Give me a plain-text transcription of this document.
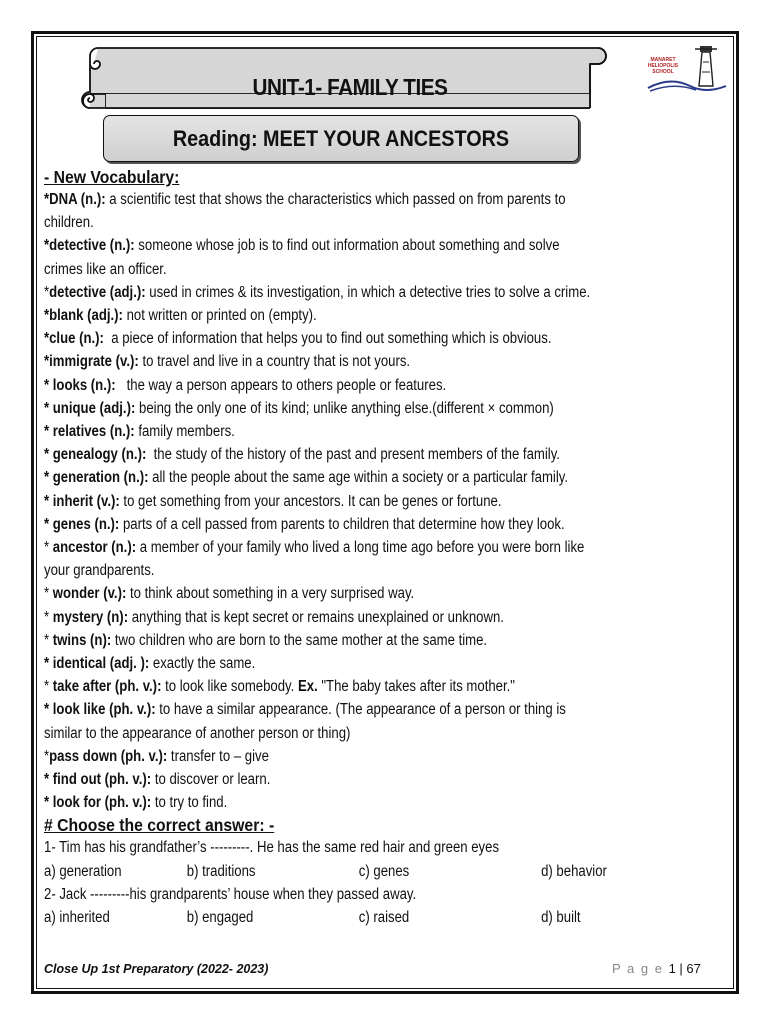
UNIT-1- FAMILY TIES
MANARET
HELIOPOLIS
SCHOOL
Reading: MEET YOUR ANCESTORS
- New Vocabulary:
*DNA (n.): a scientific test that shows the characteristics which passed on from parents to
children.
*detective (n.): someone whose job is to find out information about something and solve
crimes like an officer.
*detective (adj.): used in crimes & its investigation, in which a detective tries to solve a crime.
*blank (adj.): not written or printed on (empty).
*clue (n.):  a piece of information that helps you to find out something which is obvious.
*immigrate (v.): to travel and live in a country that is not yours.
* looks (n.):   the way a person appears to others people or features.
* unique (adj.): being the only one of its kind; unlike anything else.(different × common)
* relatives (n.): family members.
* genealogy (n.):  the study of the history of the past and present members of the family.
* generation (n.): all the people about the same age within a society or a particular family.
* inherit (v.): to get something from your ancestors. It can be genes or fortune.
* genes (n.): parts of a cell passed from parents to children that determine how they look.
* ancestor (n.): a member of your family who lived a long time ago before you were born like
your grandparents.
* wonder (v.): to think about something in a very surprised way.
* mystery (n): anything that is kept secret or remains unexplained or unknown.
* twins (n): two children who are born to the same mother at the same time.
* identical (adj. ): exactly the same.
* take after (ph. v.): to look like somebody. Ex. "The baby takes after its mother."
* look like (ph. v.): to have a similar appearance. (The appearance of a person or thing is
similar to the appearance of another person or thing)
*pass down (ph. v.): transfer to – give
* find out (ph. v.): to discover or learn.
* look for (ph. v.): to try to find.
# Choose the correct answer: -
1- Tim has his grandfather’s ---------. He has the same red hair and green eyes
a) generation	b) traditions	c) genes	d) behavior
2- Jack ---------his grandparents’ house when they passed away.
a) inherited	b) engaged	c) raised	d) built
Close Up 1st Preparatory (2022- 2023)	P a g e 1 | 67
